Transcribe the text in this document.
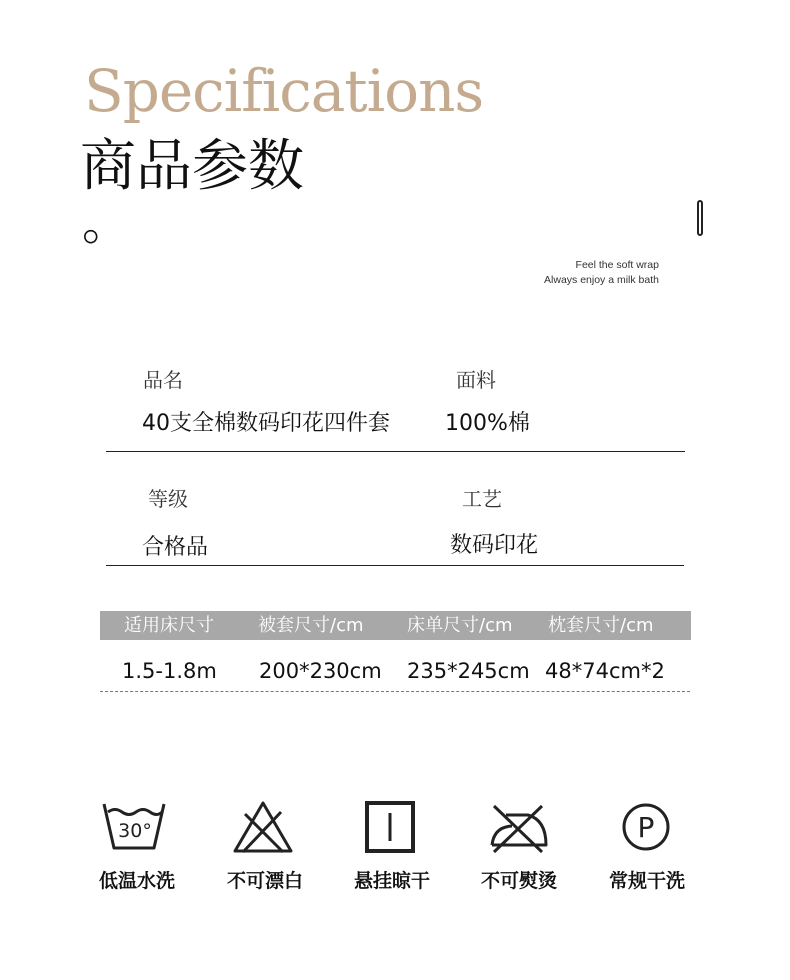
Specifications
商品参数
。
Feel the soft wrap
Always enjoy a milk bath
品名	面料
40支全棉数码印花四件套	100%棉
等级	工艺
合格品	数码印花
适用床尺寸 被套尺寸/cm 床单尺寸/cm 枕套尺寸/cm
1.5-1.8m 200*230cm 235*245cm 48*74cm*2
30°	P
低温水洗	不可漂白	悬挂晾干	不可熨烫	常规干洗
